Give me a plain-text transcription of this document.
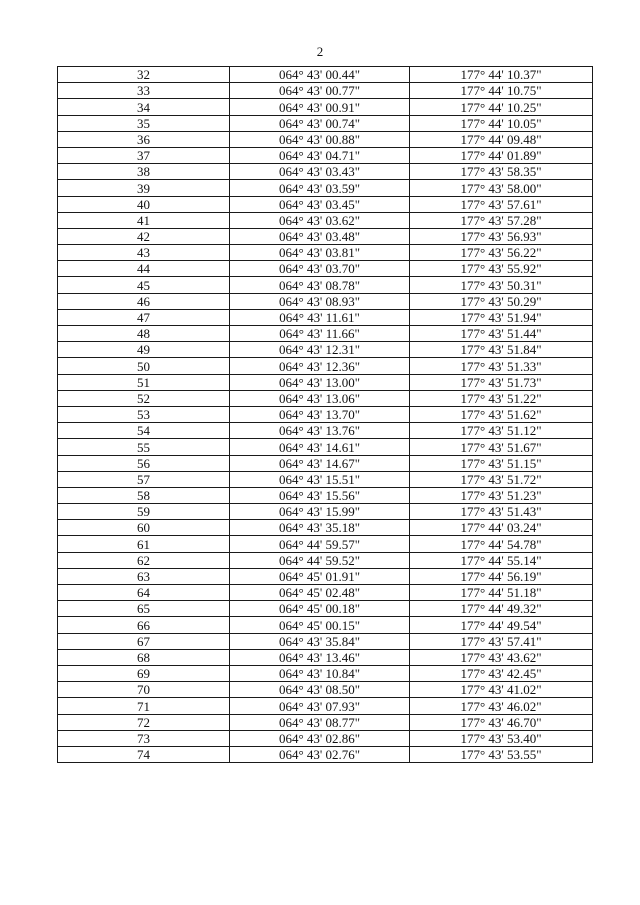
2
32	064° 43' 00.44"	177° 44' 10.37"
33	064° 43' 00.77"	177° 44' 10.75"
34	064° 43' 00.91"	177° 44' 10.25"
35	064° 43' 00.74"	177° 44' 10.05"
36	064° 43' 00.88"	177° 44' 09.48"
37	064° 43' 04.71"	177° 44' 01.89"
38	064° 43' 03.43"	177° 43' 58.35"
39	064° 43' 03.59"	177° 43' 58.00"
40	064° 43' 03.45"	177° 43' 57.61"
41	064° 43' 03.62"	177° 43' 57.28"
42	064° 43' 03.48"	177° 43' 56.93"
43	064° 43' 03.81"	177° 43' 56.22"
44	064° 43' 03.70"	177° 43' 55.92"
45	064° 43' 08.78"	177° 43' 50.31"
46	064° 43' 08.93"	177° 43' 50.29"
47	064° 43' 11.61"	177° 43' 51.94"
48	064° 43' 11.66"	177° 43' 51.44"
49	064° 43' 12.31"	177° 43' 51.84"
50	064° 43' 12.36"	177° 43' 51.33"
51	064° 43' 13.00"	177° 43' 51.73"
52	064° 43' 13.06"	177° 43' 51.22"
53	064° 43' 13.70"	177° 43' 51.62"
54	064° 43' 13.76"	177° 43' 51.12"
55	064° 43' 14.61"	177° 43' 51.67"
56	064° 43' 14.67"	177° 43' 51.15"
57	064° 43' 15.51"	177° 43' 51.72"
58	064° 43' 15.56"	177° 43' 51.23"
59	064° 43' 15.99"	177° 43' 51.43"
60	064° 43' 35.18"	177° 44' 03.24"
61	064° 44' 59.57"	177° 44' 54.78"
62	064° 44' 59.52"	177° 44' 55.14"
63	064° 45' 01.91"	177° 44' 56.19"
64	064° 45' 02.48"	177° 44' 51.18"
65	064° 45' 00.18"	177° 44' 49.32"
66	064° 45' 00.15"	177° 44' 49.54"
67	064° 43' 35.84"	177° 43' 57.41"
68	064° 43' 13.46"	177° 43' 43.62"
69	064° 43' 10.84"	177° 43' 42.45"
70	064° 43' 08.50"	177° 43' 41.02"
71	064° 43' 07.93"	177° 43' 46.02"
72	064° 43' 08.77"	177° 43' 46.70"
73	064° 43' 02.86"	177° 43' 53.40"
74	064° 43' 02.76"	177° 43' 53.55"
